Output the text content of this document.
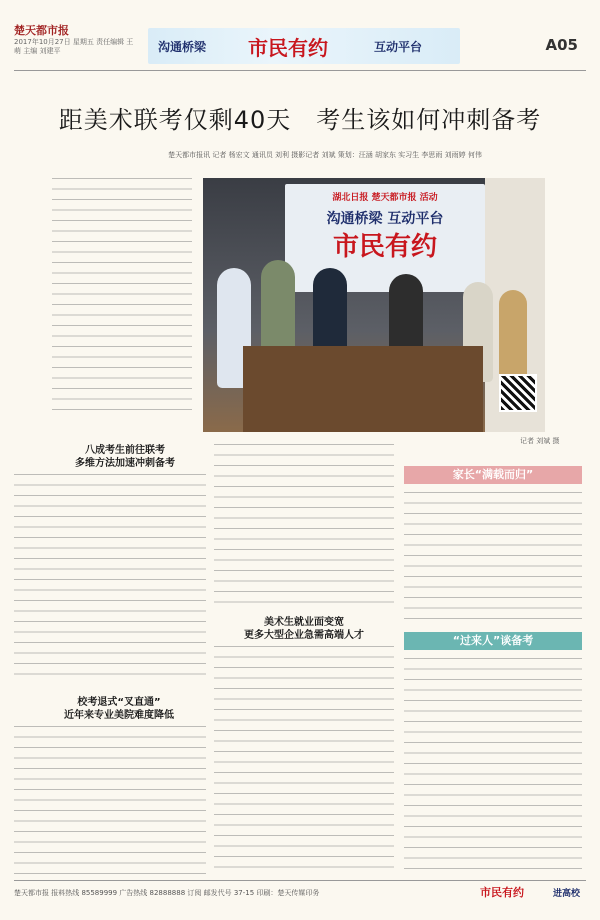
楚天都市报
2017年10月27日 星期五 责任编辑 王萌 主编 刘建平	沟通桥梁 市民有约	互动平台	A05
距美术联考仅剩40天　考生该如何冲刺备考
楚天都市报讯 记者 杨宏文 通讯员 刘利 摄影记者 刘斌 策划：汪涵 胡家东 实习生 李思雨 刘雨婷 何伟
湖北日报 楚天都市报 活动
沟通桥梁 互动平台
市民有约
记者 刘斌 摄
八成考生前往联考
多维方法加速冲刺备考
校考退式“叉直通”
近年来专业美院难度降低
美术生就业面变宽
更多大型企业急需高端人才
家长“满载而归”
“过来人”谈备考
楚天都市报 报料热线 85589999 广告热线 82888888 订阅 邮发代号 37-15 印刷：楚天传媒印务	市民有约	进高校
